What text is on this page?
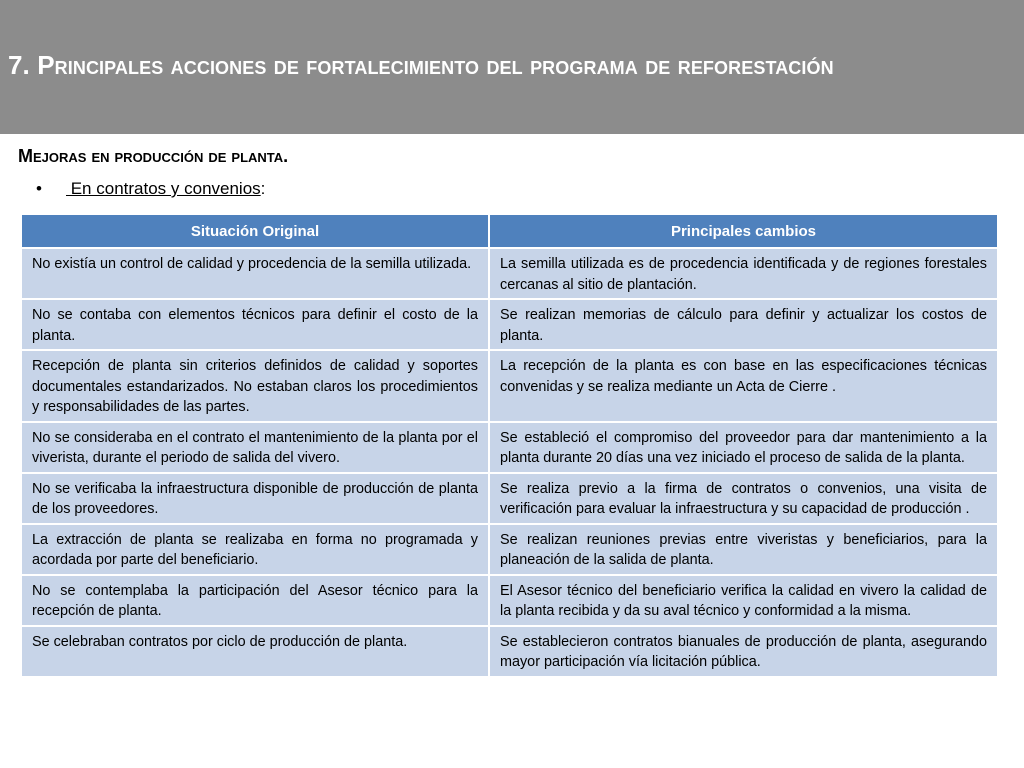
7. Principales acciones de fortalecimiento del programa de reforestación
Mejoras en producción de planta.
• En contratos y convenios:
Situación Original	Principales cambios
No existía un control de calidad y procedencia de la semilla utilizada.	La semilla utilizada es de procedencia identificada y de regiones forestales cercanas al sitio de plantación.
No se contaba con elementos técnicos para definir el costo de la planta.	Se realizan memorias de cálculo para definir y actualizar los costos de planta.
Recepción de planta sin criterios definidos de calidad y soportes documentales estandarizados. No estaban claros los procedimientos y responsabilidades de las partes.	La recepción de la planta es con base en las especificaciones técnicas convenidas y se realiza mediante un Acta de Cierre .
No se consideraba en el contrato el mantenimiento de la planta por el viverista, durante el periodo de salida del vivero.	Se estableció el compromiso del proveedor para dar mantenimiento a la planta durante 20 días una vez iniciado el proceso de salida de la planta.
No se verificaba la infraestructura disponible de producción de planta de los proveedores.	Se realiza previo a la firma de contratos o convenios, una visita de verificación para evaluar la infraestructura y su capacidad de producción .
La extracción de planta se realizaba en forma no programada y acordada por parte del beneficiario.	Se realizan reuniones previas entre viveristas y beneficiarios, para la planeación de la salida de planta.
No se contemplaba la participación del Asesor técnico para la recepción de planta.	El Asesor técnico del beneficiario verifica la calidad en vivero la calidad de la planta recibida y da su aval técnico y conformidad a la misma.
Se celebraban contratos por ciclo de producción de planta.	Se establecieron contratos bianuales de producción de planta, asegurando mayor participación vía licitación pública.
